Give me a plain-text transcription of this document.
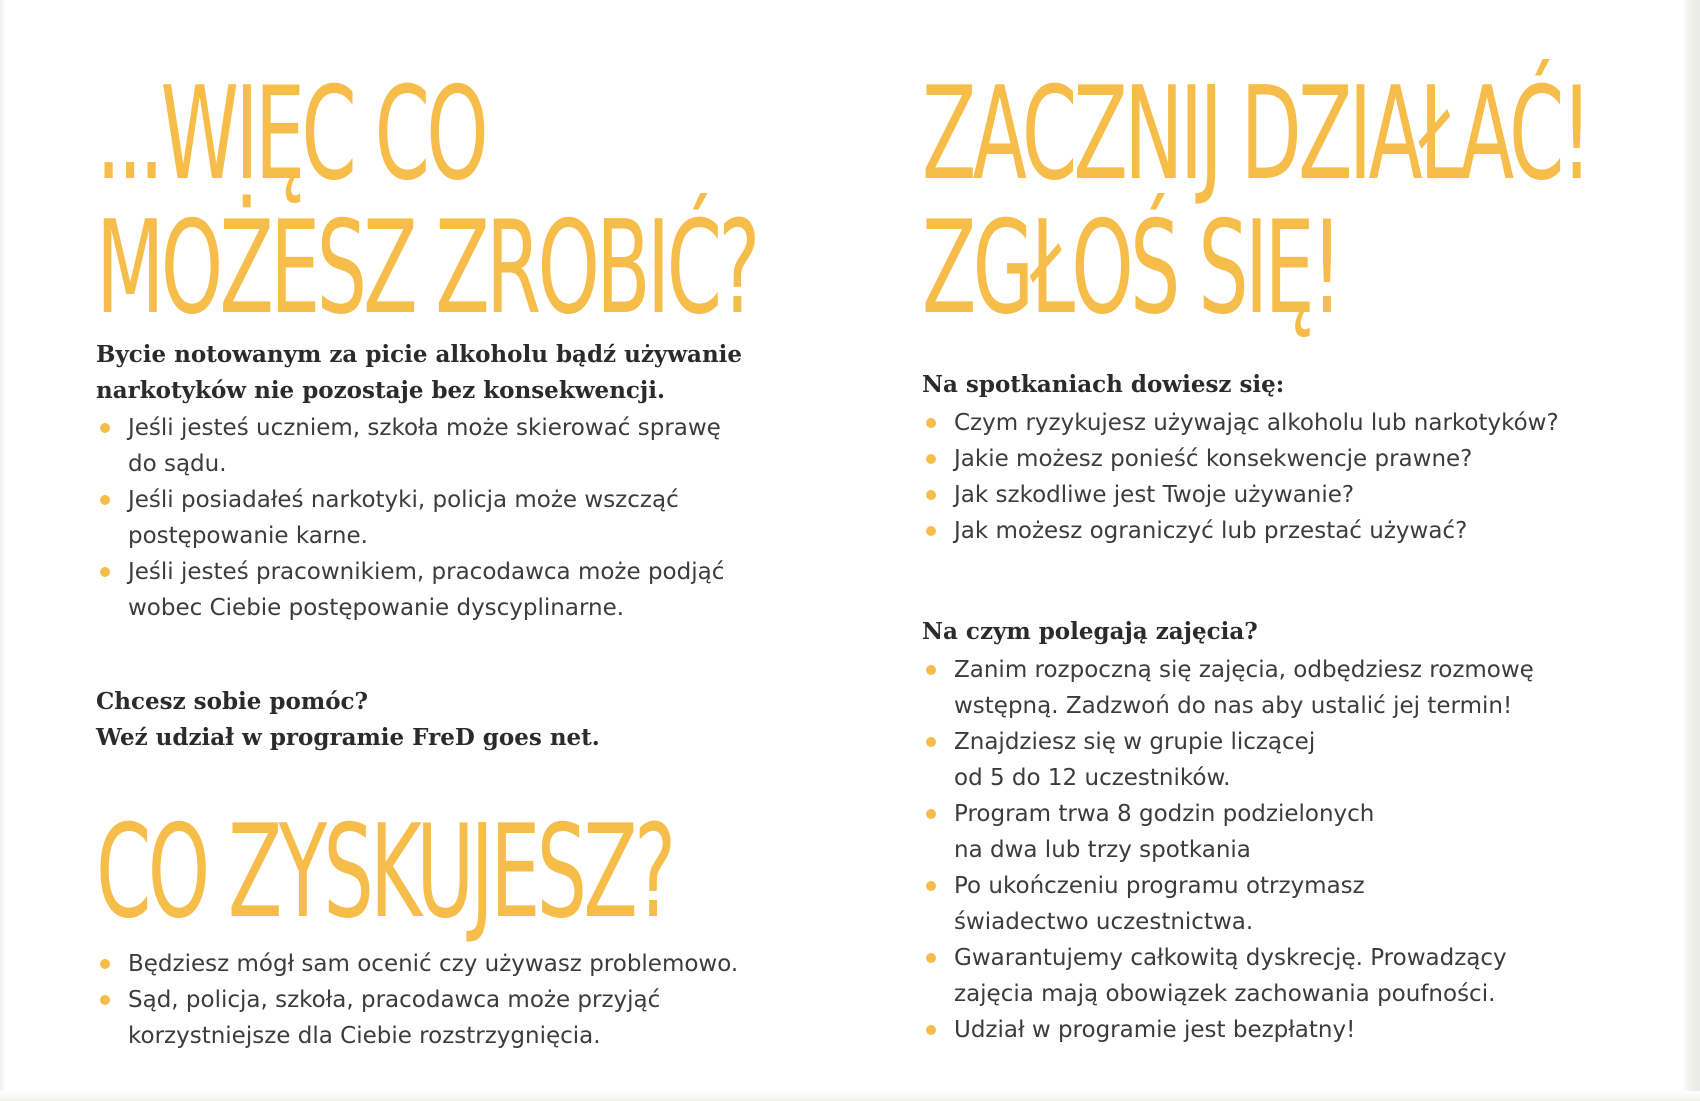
...WIĘC CO
MOŻESZ ZROBIĆ?

Bycie notowanym za picie alkoholu bądź używanie
narkotyków nie pozostaje bez konsekwencji.

Jeśli jesteś uczniem, szkoła może skierować sprawę
do sądu.
Jeśli posiadałeś narkotyki, policja może wszcząć
postępowanie karne.
Jeśli jesteś pracownikiem, pracodawca może podjąć
wobec Ciebie postępowanie dyscyplinarne.

Chcesz sobie pomóc?
Weź udział w programie FreD goes net.

CO ZYSKUJESZ?
Będziesz mógł sam ocenić czy używasz problemowo.
Sąd, policja, szkoła, pracodawca może przyjąć
korzystniejsze dla Ciebie rozstrzygnięcia.
ZACZNIJ DZIAŁAĆ!
ZGŁOŚ SIĘ!

Na spotkaniach dowiesz się:

Czym ryzykujesz używając alkoholu lub narkotyków?
Jakie możesz ponieść konsekwencje prawne?
Jak szkodliwe jest Twoje używanie?
Jak możesz ograniczyć lub przestać używać?

Na czym polegają zajęcia?

Zanim rozpoczną się zajęcia, odbędziesz rozmowę
wstępną. Zadzwoń do nas aby ustalić jej termin!
Znajdziesz się w grupie liczącej
od 5 do 12 uczestników.
Program trwa 8 godzin podzielonych
na dwa lub trzy spotkania
Po ukończeniu programu otrzymasz
świadectwo uczestnictwa.
Gwarantujemy całkowitą dyskrecję. Prowadzący
zajęcia mają obowiązek zachowania poufności.
Udział w programie jest bezpłatny!
